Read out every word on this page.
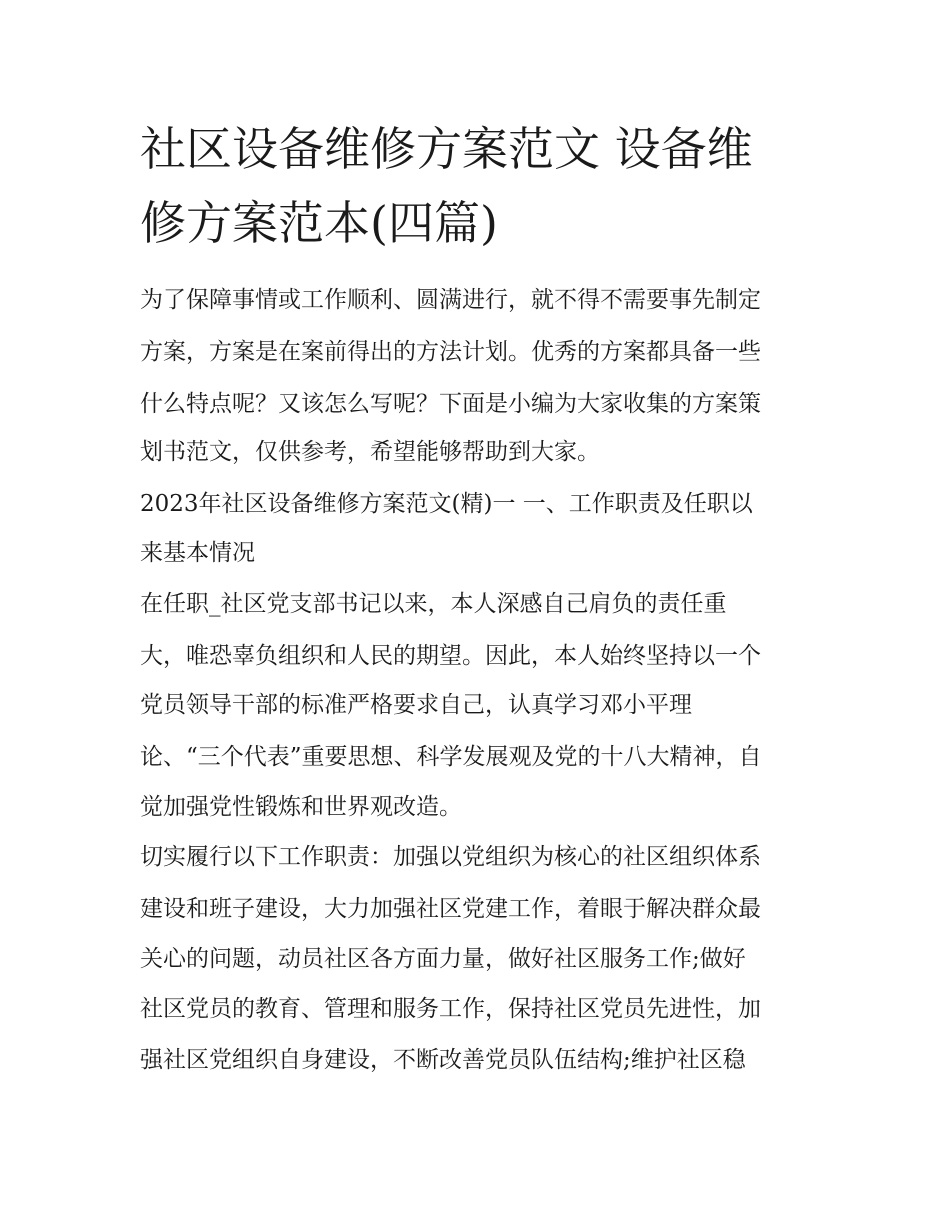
社区设备维修方案范文 设备维
修方案范本(四篇)

为了保障事情或工作顺利、圆满进行，就不得不需要事先制定

方案，方案是在案前得出的方法计划。优秀的方案都具备一些

什么特点呢？又该怎么写呢？下面是小编为大家收集的方案策

划书范文，仅供参考，希望能够帮助到大家。

2023年社区设备维修方案范文(精)一 一、工作职责及任职以

来基本情况

在任职_社区党支部书记以来，本人深感自己肩负的责任重

大，唯恐辜负组织和人民的期望。因此，本人始终坚持以一个

党员领导干部的标准严格要求自己，认真学习邓小平理

论、“三个代表”重要思想、科学发展观及党的十八大精神，自

觉加强党性锻炼和世界观改造。

切实履行以下工作职责：加强以党组织为核心的社区组织体系

建设和班子建设，大力加强社区党建工作，着眼于解决群众最

关心的问题，动员社区各方面力量，做好社区服务工作;做好

社区党员的教育、管理和服务工作，保持社区党员先进性，加

强社区党组织自身建设，不断改善党员队伍结构;维护社区稳
